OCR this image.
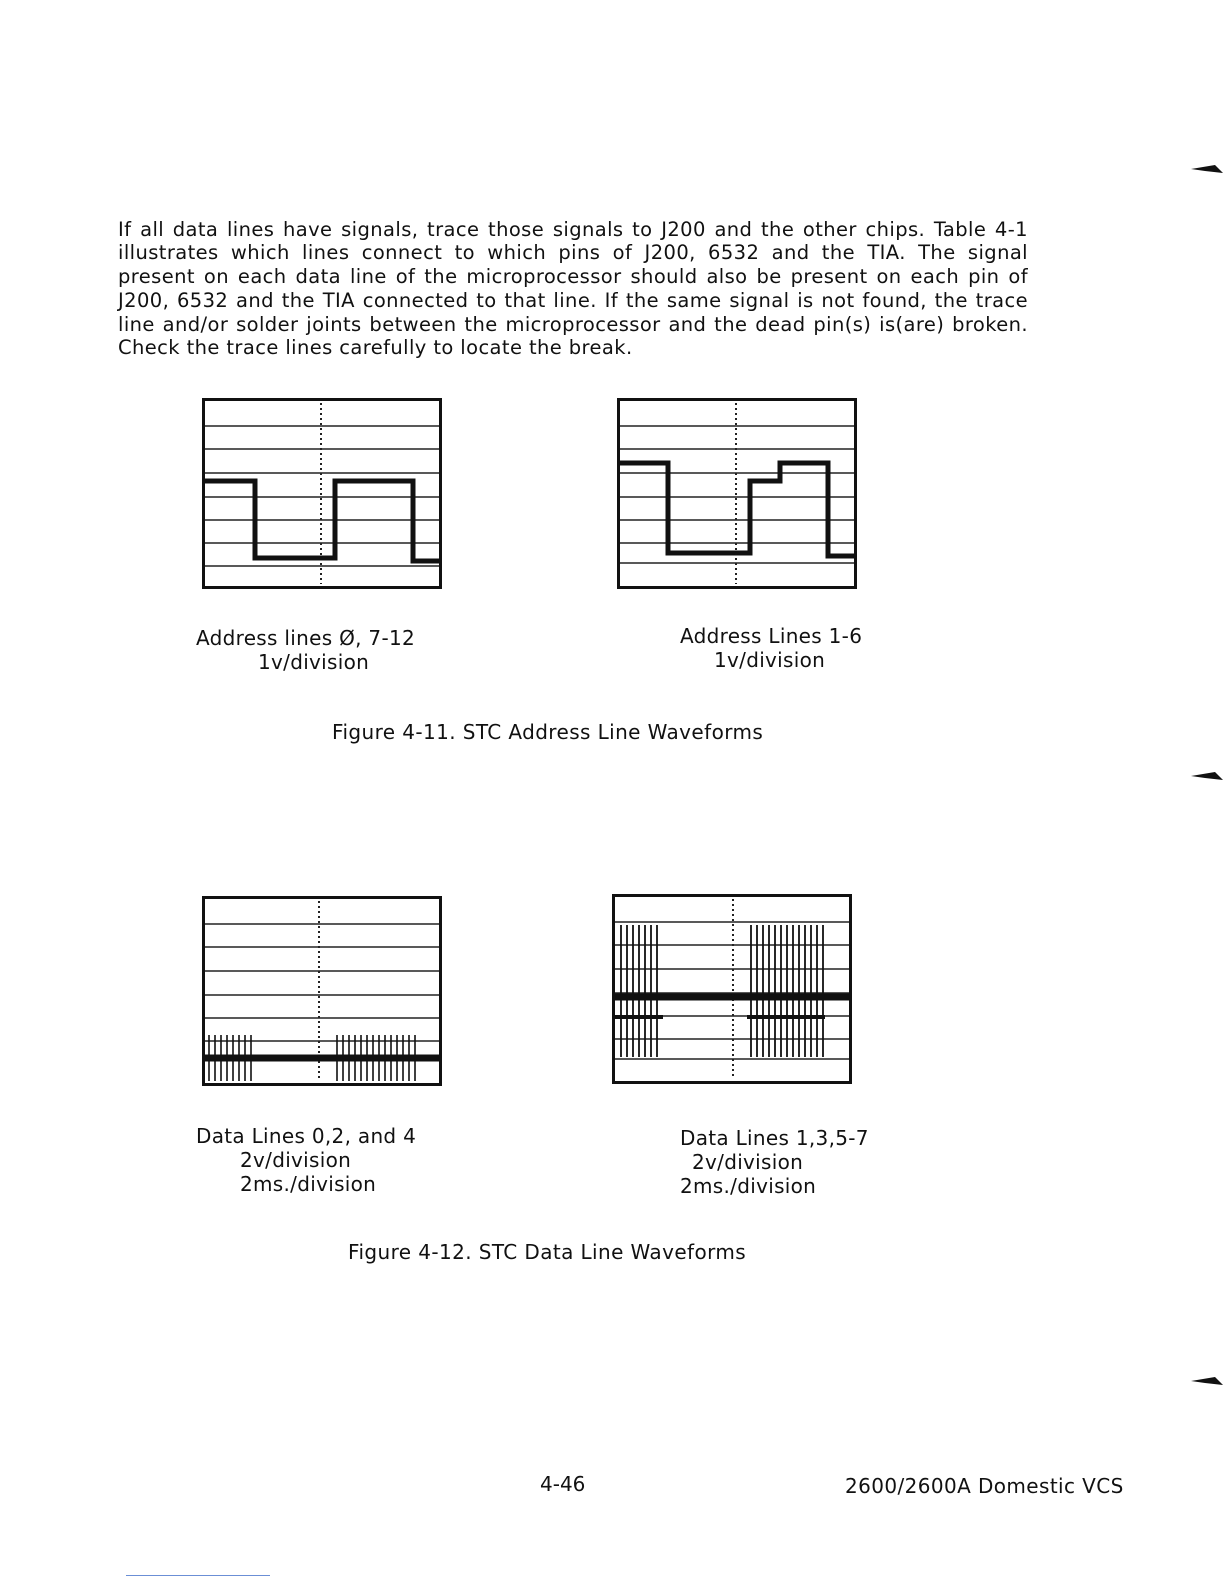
If all data lines have signals, trace those signals to J200 and the other chips. Table 4-1 illustrates which lines connect to which pins of J200, 6532 and the TIA. The signal present on each data line of the microprocessor should also be present on each pin of J200, 6532 and the TIA connected to that line. If the same signal is not found, the trace line and/or solder joints between the microprocessor and the dead pin(s) is(are) broken. Check the trace lines carefully to locate the break.

Address lines Ø, 7-12
1v/division
Address Lines 1-6
1v/division
Figure 4-11. STC Address Line Waveforms
Data Lines 0,2, and 4
2v/division
2ms./division
Data Lines 1,3,5-7
2v/division
2ms./division
Figure 4-12. STC Data Line Waveforms
4-46	2600/2600A Domestic VCS
